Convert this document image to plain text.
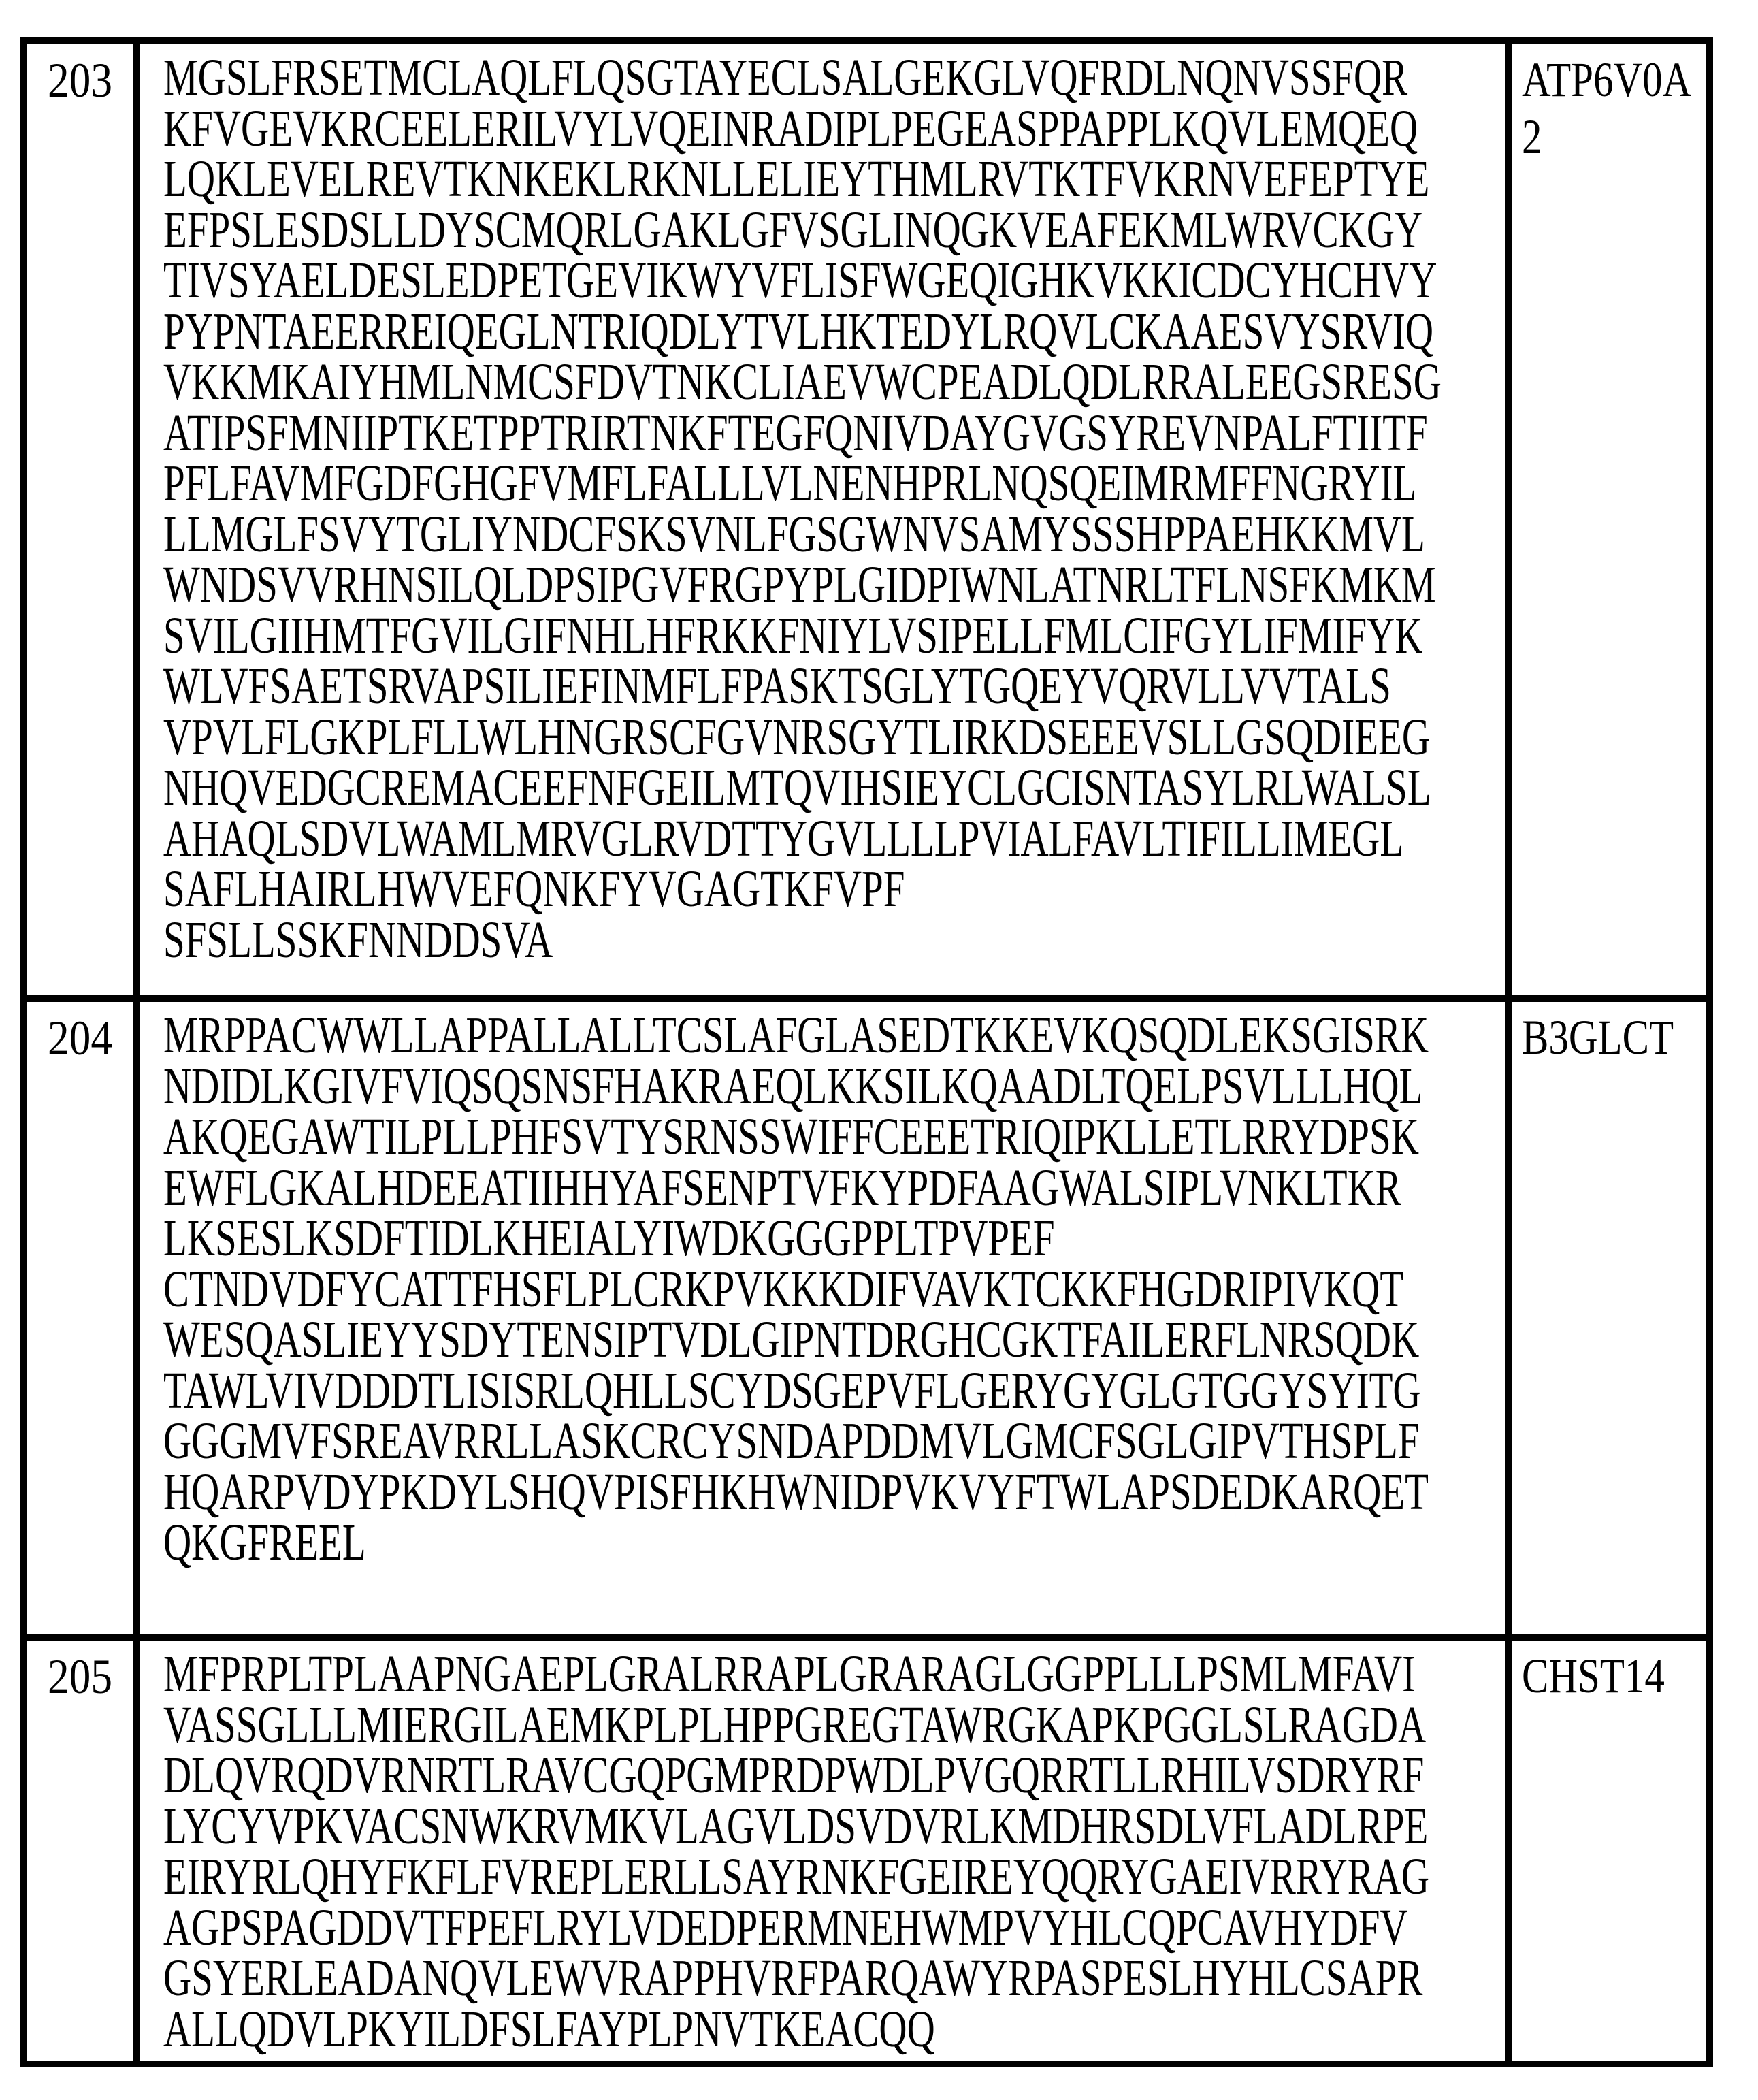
203 MGSLFRSETMCLAQLFLQSGTAYECLSALGEKGLVQFRDLNQNVSSFQR
KFVGEVKRCEELERILVYLVQEINRADIPLPEGEASPPAPPLKQVLEMQEQ
LQKLEVELREVTKNKEKLRKNLLELIEYTHMLRVTKTFVKRNVEFEPTYE
EFPSLESDSLLDYSCMQRLGAKLGFVSGLINQGKVEAFEKMLWRVCKGY
TIVSYAELDESLEDPETGEVIKWYVFLISFWGEQIGHKVKKICDCYHCHVY
PYPNTAEERREIQEGLNTRIQDLYTVLHKTEDYLRQVLCKAAESVYSRVIQ
VKKMKAIYHMLNMCSFDVTNKCLIAEVWCPEADLQDLRRALEEGSRESG
ATIPSFMNIIPTKETPPTRIRTNKFTEGFQNIVDAYGVGSYREVNPALFTIITF
PFLFAVMFGDFGHGFVMFLFALLLVLNENHPRLNQSQEIMRMFFNGRYIL
LLMGLFSVYTGLIYNDCFSKSVNLFGSGWNVSAMYSSSHPPAEHKKMVL
WNDSVVRHNSILQLDPSIPGVFRGPYPLGIDPIWNLATNRLTFLNSFKMKM
SVILGIIHMTFGVILGIFNHLHFRKKFNIYLVSIPELLFMLCIFGYLIFMIFYK
WLVFSAETSRVAPSILIEFINMFLFPASKTSGLYTGQEYVQRVLLVVTALS
VPVLFLGKPLFLLWLHNGRSCFGVNRSGYTLIRKDSEEEVSLLGSQDIEEG
NHQVEDGCREMACEEFNFGEILMTQVIHSIEYCLGCISNTASYLRLWALSL
AHAQLSDVLWAMLMRVGLRVDTTYGVLLLLPVIALFAVLTIFILLIMEGL
SAFLHAIRLHWVEFQNKFYVGAGTKFVPF
SFSLLSSKFNNDDSVA
ATP6V0A
2
204 MRPPACWWLLAPPALLALLTCSLAFGLASEDTKKEVKQSQDLEKSGISRK
NDIDLKGIVFVIQSQSNSFHAKRAEQLKKSILKQAADLTQELPSVLLLHQL
AKQEGAWTILPLLPHFSVTYSRNSSWIFFCEEETRIQIPKLLETLRRYDPSK
EWFLGKALHDEEATIIHHYAFSENPTVFKYPDFAAGWALSIPLVNKLTKR
LKSESLKSDFTIDLKHEIALYIWDKGGGPPLTPVPEF
CTNDVDFYCATTFHSFLPLCRKPVKKKDIFVAVKTCKKFHGDRIPIVKQT
WESQASLIEYYSDYTENSIPTVDLGIPNTDRGHCGKTFAILERFLNRSQDK
TAWLVIVDDDTLISISRLQHLLSCYDSGEPVFLGERYGYGLGTGGYSYITG
GGGMVFSREAVRRLLASKCRCYSNDAPDDMVLGMCFSGLGIPVTHSPLF
HQARPVDYPKDYLSHQVPISFHKHWNIDPVKVYFTWLAPSDEDKARQET
QKGFREEL
B3GLCT
205 MFPRPLTPLAAPNGAEPLGRALRRAPLGRARAGLGGPPLLLPSMLMFAVI
VASSGLLLMIERGILAEMKPLPLHPPGREGTAWRGKAPKPGGLSLRAGDA
DLQVRQDVRNRTLRAVCGQPGMPRDPWDLPVGQRRTLLRHILVSDRYRF
LYCYVPKVACSNWKRVMKVLAGVLDSVDVRLKMDHRSDLVFLADLRPE
EIRYRLQHYFKFLFVREPLERLLSAYRNKFGEIREYQQRYGAEIVRRYRAG
AGPSPAGDDVTFPEFLRYLVDEDPERMNEHWMPVYHLCQPCAVHYDFV
GSYERLEADANQVLEWVRAPPHVRFPARQAWYRPASPESLHYHLCSAPR
ALLQDVLPKYILDFSLFAYPLPNVTKEACQQ
CHST14
